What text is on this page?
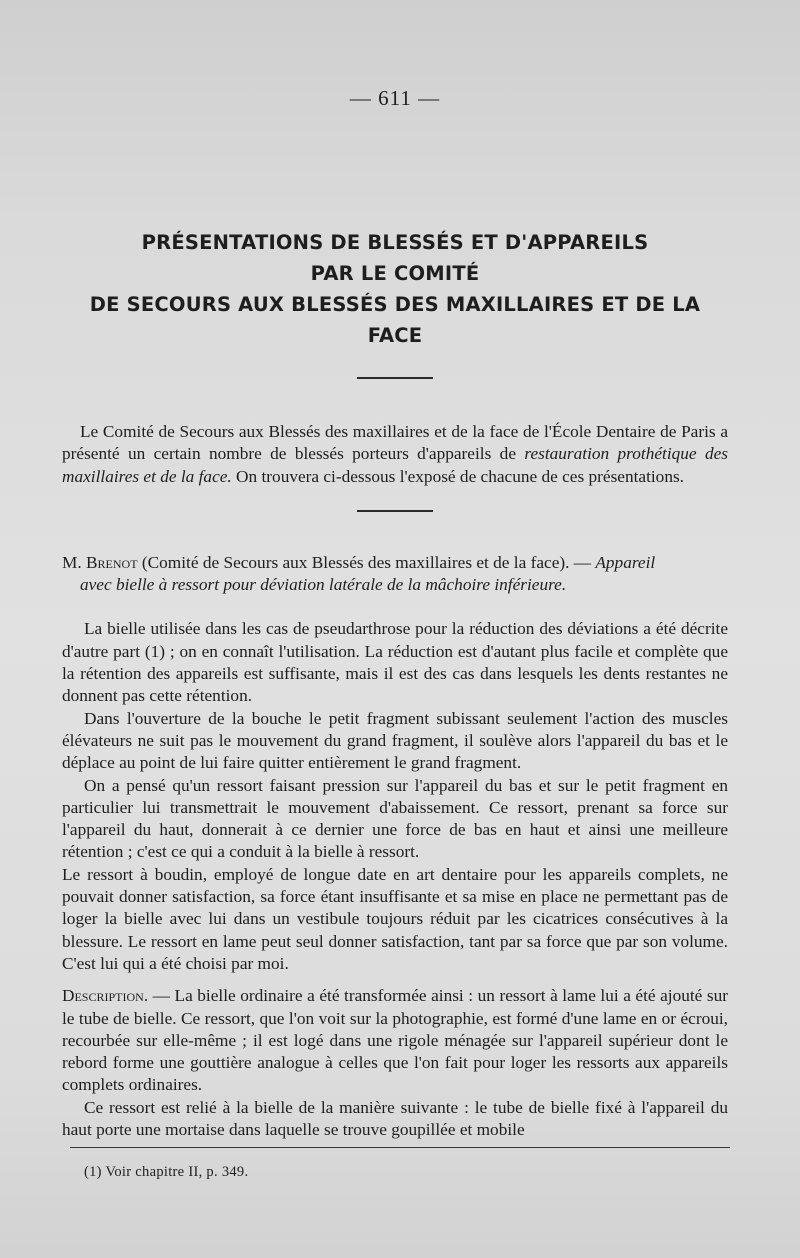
— 611 —
PRÉSENTATIONS DE BLESSÉS ET D'APPAREILS
PAR LE COMITÉ
DE SECOURS AUX BLESSÉS DES MAXILLAIRES ET DE LA FACE

Le Comité de Secours aux Blessés des maxillaires et de la face de l'École Dentaire de Paris a présenté un certain nombre de blessés porteurs d'appareils de restauration prothétique des maxillaires et de la face. On trouvera ci-dessous l'exposé de chacune de ces présentations.

M. Brenot (Comité de Secours aux Blessés des maxillaires et de la face). — Appareil

avec bielle à ressort pour déviation latérale de la mâchoire inférieure.

La bielle utilisée dans les cas de pseudarthrose pour la réduction des déviations a été décrite d'autre part (1) ; on en connaît l'utilisation. La réduction est d'autant plus facile et complète que la rétention des appareils est suffisante, mais il est des cas dans lesquels les dents restantes ne donnent pas cette rétention.

Dans l'ouverture de la bouche le petit fragment subissant seulement l'action des muscles élévateurs ne suit pas le mouvement du grand fragment, il soulève alors l'appareil du bas et le déplace au point de lui faire quitter entièrement le grand fragment.

On a pensé qu'un ressort faisant pression sur l'appareil du bas et sur le petit fragment en particulier lui transmettrait le mouvement d'abaissement. Ce ressort, prenant sa force sur l'appareil du haut, donnerait à ce dernier une force de bas en haut et ainsi une meilleure rétention ; c'est ce qui a conduit à la bielle à ressort.

Le ressort à boudin, employé de longue date en art dentaire pour les appareils complets, ne pouvait donner satisfaction, sa force étant insuffisante et sa mise en place ne permettant pas de loger la bielle avec lui dans un vestibule toujours réduit par les cicatrices consécutives à la blessure. Le ressort en lame peut seul donner satisfaction, tant par sa force que par son volume. C'est lui qui a été choisi par moi.

Description. — La bielle ordinaire a été transformée ainsi : un ressort à lame lui a été ajouté sur le tube de bielle. Ce ressort, que l'on voit sur la photographie, est formé d'une lame en or écroui, recourbée sur elle-même ; il est logé dans une rigole ménagée sur l'appareil supérieur dont le rebord forme une gouttière analogue à celles que l'on fait pour loger les ressorts aux appareils complets ordinaires.

Ce ressort est relié à la bielle de la manière suivante : le tube de bielle fixé à l'appareil du haut porte une mortaise dans laquelle se trouve goupillée et mobile

(1) Voir chapitre II, p. 349.
